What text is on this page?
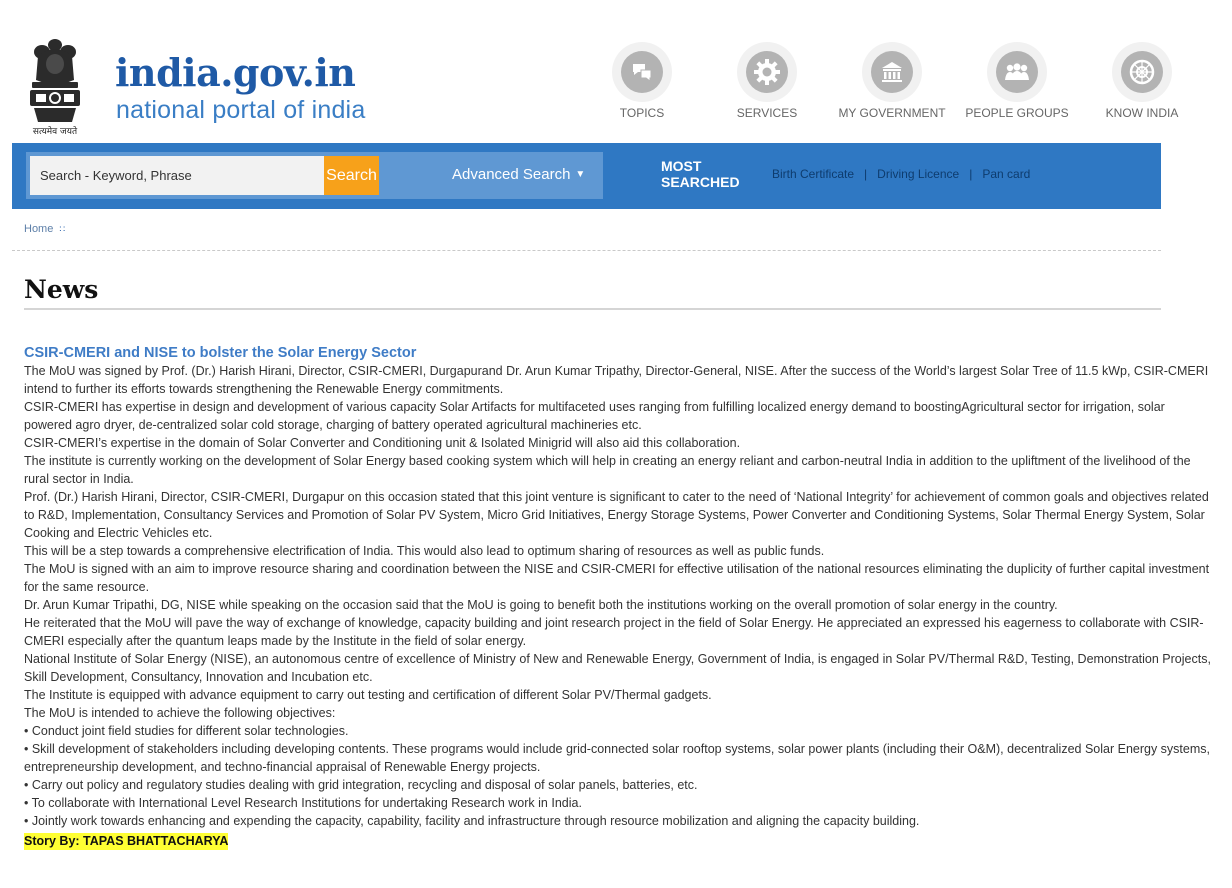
सत्यमेव जयते
india.gov.in
national portal of india	TOPICS	SERVICES	MY GOVERNMENT	PEOPLE GROUPS	KNOW INDIA
Search - Keyword, Phrase
Search	Advanced Search ▼
MOST
SEARCHED	Birth Certificate | Driving Licence | Pan card
Home ∷
News
CSIR-CMERI and NISE to bolster the Solar Energy Sector

The MoU was signed by Prof. (Dr.) Harish Hirani, Director, CSIR-CMERI, Durgapurand Dr. Arun Kumar Tripathy, Director-General, NISE. After the success of the World’s largest Solar Tree of 11.5 kWp, CSIR-CMERI intend to further its efforts towards strengthening the Renewable Energy commitments.

CSIR-CMERI has expertise in design and development of various capacity Solar Artifacts for multifaceted uses ranging from fulfilling localized energy demand to boostingAgricultural sector for irrigation, solar powered agro dryer, de-centralized solar cold storage, charging of battery operated agricultural machineries etc.

CSIR-CMERI’s expertise in the domain of Solar Converter and Conditioning unit & Isolated Minigrid will also aid this collaboration.

The institute is currently working on the development of Solar Energy based cooking system which will help in creating an energy reliant and carbon-neutral India in addition to the upliftment of the livelihood of the rural sector in India.

Prof. (Dr.) Harish Hirani, Director, CSIR-CMERI, Durgapur on this occasion stated that this joint venture is significant to cater to the need of ‘National Integrity’ for achievement of common goals and objectives related to R&D, Implementation, Consultancy Services and Promotion of Solar PV System, Micro Grid Initiatives, Energy Storage Systems, Power Converter and Conditioning Systems, Solar Thermal Energy System, Solar Cooking and Electric Vehicles etc.

This will be a step towards a comprehensive electrification of India. This would also lead to optimum sharing of resources as well as public funds.

The MoU is signed with an aim to improve resource sharing and coordination between the NISE and CSIR-CMERI for effective utilisation of the national resources eliminating the duplicity of further capital investment for the same resource.

Dr. Arun Kumar Tripathi, DG, NISE while speaking on the occasion said that the MoU is going to benefit both the institutions working on the overall promotion of solar energy in the country.

He reiterated that the MoU will pave the way of exchange of knowledge, capacity building and joint research project in the field of Solar Energy. He appreciated an expressed his eagerness to collaborate with CSIR-CMERI especially after the quantum leaps made by the Institute in the field of solar energy.

National Institute of Solar Energy (NISE), an autonomous centre of excellence of Ministry of New and Renewable Energy, Government of India, is engaged in Solar PV/Thermal R&D, Testing, Demonstration Projects, Skill Development, Consultancy, Innovation and Incubation etc.

The Institute is equipped with advance equipment to carry out testing and certification of different Solar PV/Thermal gadgets.

The MoU is intended to achieve the following objectives:

• Conduct joint field studies for different solar technologies.

• Skill development of stakeholders including developing contents. These programs would include grid-connected solar rooftop systems, solar power plants (including their O&M), decentralized Solar Energy systems, entrepreneurship development, and techno-financial appraisal of Renewable Energy projects.

• Carry out policy and regulatory studies dealing with grid integration, recycling and disposal of solar panels, batteries, etc.

• To collaborate with International Level Research Institutions for undertaking Research work in India.

• Jointly work towards enhancing and expending the capacity, capability, facility and infrastructure through resource mobilization and aligning the capacity building.

Story By: TAPAS BHATTACHARYA
